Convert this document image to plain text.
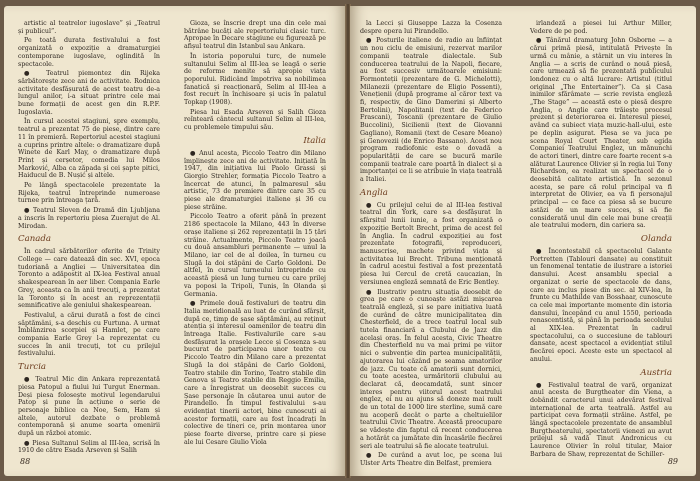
artistic al teatrelor iugoslave” și „Teatrul și publicul”.

Pe toată durata festivalului a fost organizată o expoziție a dramaturgiei contemporane iugoslave, oglindită în spectacole.

● Teatrul piemontez din Rijeka sărbătorește zece ani de activitate. Rodnica activitate desfășurată de acest teatru de-a lungul anilor, i-a situat printre cele mai bune formații de acest gen din R.P.F. Iugoslavia.

În cursul acestei stagiuni, spre exemplu, teatrul a prezentat 75 de piese, dintre care 11 în premieră. Repertoriul acestei stagiuni a cuprins printre altele: o dramatizare după Winete de Karl May, o dramatizare după Prinț și cerșetor, comedia lui Milos Marković, Alba ca zăpada și cei șapte pitici, Haiducul de B. Nușić și altele.

Pe lângă spectacolele prezentate la Rijeka, teatrul întreprinde numeroase turnee prin întreaga țară.

● Teatrul Sloven de Dramă din Ljubljana a inscris în repertoriu piesa Zuerajut de Al. Mirodan.

Canada

În cadrul sărbătorilor oferite de Trinity College — care datează din sec. XVI, epoca tudoriană a Angliei — Universitatea din Toronto a adăpostit al IX-lea Festival anual shakespearean în aer liber. Compania Earle Grey, aceasta ca în anii trecuți, a prezentat la Toronto și în acest an reprezentații semnificative ale geniului shakespearean.

Festivalul, a cărui durată a fost de cinci săptămâni, s-a deschis cu Furtuna. A urmat Îmblânzirea scorpiei și Hamlet, pe care compania Earle Grey l-a reprezentat cu succes în anii trecuți, tot cu prilejul festivalului.

Turcia

● Teatrul Mic din Ankara reprezentată piesa Patopul a fiului lui Turgut Enerman. Deși piesa folosește motivul legendarului Patop și pune în acțiune o serie de personaje biblice ca Noe, Sem, Ham și altele, autorul dezbate o problemă contemporană și anume soarta omenirii după un război atomic.

● Piesa Sultanul Selim al III-lea, scrisă în 1910 de către Esada Arseven și Salih

Gioza, se înscrie drept una din cele mai bătrâne bucăți ale repertoriului clasic turc. Apropae în Decare stagiune eu figurează pe afișul teatrul din Istanbul sau Ankara.

În istoria poporului turc, de numele sultanului Selim al III-lea se leagă o serie de reforme menite să apropie viața poporului. Ridicând împotriva sa nobilimea fanatică și reacționară, Selim al III-lea a fost recurt în închisoare și ucis în palatul Topkap (1908).

Piesa lui Esada Arseven și Salih Gioza reînteară cântecul sultanul Selim al III-lea, cu problemele timpului său.

Italia

● Anul acesta, Piccolo Teatro din Milano împlinește zece ani de activitate. Inițiată în 1947, din inițiativa lui Paolo Grassi și Giorgio Strehler, formația Piccolo Teatro a încercat de atunci, în palmaresul său artistic, 73 de premiere dintre care 35 cu piese ale dramaturgiei italiene și 36 cu piese străine.

Piccolo Teatro a oferit până în prezent 2186 spectacole la Milano, 443 în diverse orașe italiene și 262 reprezentații în 15 țări străine. Actualmente, Piccolo Teatro joacă cu două ansambluri permanente — unul la Milano, iar cel de al doilea, în turneu cu Slugă la doi stăpâni de Carlo Goldoni. De altfel, în cursul turneului întreprinde cu această piesă un lung turneu cu care prilej va poposi la Tripoli, Tunis, în Olanda și Germania.

● Primele două festivaluri de teatru din Italia meridională au luat de curând sfârșit, după ce, timp de șase săptămâni, au reținut atenția și interesul oamenilor de teatru din întreaga Italie. Festivalurile care s-au desfășurat la orașele Lecce și Cosenza s-au bucurat de participarea unor teatre cu Piccolo Teatro din Milano care a prezentat Slugă la doi stăpâni de Carlo Goldoni, Teatro stabile din Torino, Teatro stabile din Genova și Teatro stabile din Reggio Emilia, care a înregistrat un deosebit succes cu Șase personaje în căutarea unui autor de Pirandello. În timpul festivalului s-au evidențiat tinerii actori, bine cunoscuți ai acestor formații, care au fost încadrați în colective de tineri ce, prin montarea unor piese foarte diverse, printre care și piese ale lui Cesare Giulio Viola

88

la Lecci și Giuseppe Lazza la Cosenza despre opera lui Pirandello.

● Posturile italiene de radio au înființat un nou ciclu de emisiuni, rezervat marilor companii teatrale dialectale. Sub conducerea teatrului de la Napoli, fiecare, au fost succesiv următoarele emisiuni: Formonteții (prezentare de G. Michelotti), Milanezii (prezentare de Eligio Possenti), Venețienii (după programe al căror text va fi, respectiv, de Gino Damerini și Alberto Bertolini), Napolitanii (text de Federico Frascani), Toscanii (prezentare de Giulio Buccolini), Sicilienii (text de Giovanni Gagliano), Romanii (text de Cesare Meano) și Genovezii (de Enrico Bassano). Acest nou program radiofonic este o dovadă a popularității de care se bucură marile companii teatrale care poartă în dialect și a importanței ce li se atribuie în viața teatrală a Italiei.

Anglia

● Cu prilejul celui de al III-lea festival teatral din York, care s-a desfășurat în sfârșitul lunii iunie, a fost organizată o expoziție Bertolt Brecht, prima de acest fel în Anglia. În cadrul expoziției au fost prezentate fotografii, reproduceri, manuscrise, machete privind viața și activitatea lui Brecht. Tribuna menționată în cadrul acestui festival a fost prezentată piesa lui Cercul de cretă caucazian, în versiunea engleză semnată de Eric Bentley.

● Ilustrativ pentru situația deosebit de grea pe care o cunoaște astăzi mișcarea teatrală engleză, și se pare inițiativa luată de curând de către municipalitatea din Chesterfield, de a trece teatrul local sub tutela financiară a Clubului de Jazz din același oraș. În felul acesta, Civic Theatre din Chesterfield nu va mai primi pe viitor nici o subvenție din partea municipalității, ajutorarea lui căzând pe seama amatorilor de jazz. Cu toate că amatorii sunt dornici, cu toate acestea, urmăritorii clubului au declarat că, deocamdată, sunt sincer interes pentru viitorul acest teatrului englez, ei nu au ajuns să doneze mai mult de un total de 1000 lire sterline, sumă care nu acoperă decât o parte a cheltuielilor teatrului Civic Theatre. Această preocupare se vădește din faptul că recent conducerea a hotărât ca jumătate din încasările fiecărei seri ale teatrului să fie alocate teatrului.

● De curând a avut loc, pe scena lui Ulster Arts Theatre din Belfast, premiera

irlandeză a piesei lui Arthur Miller, Vedere de pe pod.

● Tânărul dramaturg John Osborne — a cărui primă piesă, intitulată Privește în urmă cu mânie, a stârnit un viu interes în Anglia — a scris de curând o nouă piesă, care urmează să fie prezentată publicului londonez cu o altă lucrare: Artistul (titlul original „The Entertainer”). Ca și Casa inimilor sfărâmate — scrie revista engleză „The Stage” — această este o piesă despre Anglia, o Anglie care trăiește procesul prezent și deteriorarea ei. Interesul piesei, având ca subiect viața muzic-hall-ului, este pe deplin asigurat. Piesa se va juca pe scena Royal Court Theater, sub egida Companiei Teatrului Englez, un mănunchi de actori tineri, dintre care foarte recent s-a alăturat Laurence Olivier și în regia lui Tony Richardson, ea realizat un spectacol de o deosebită calitate artistică. În sezonul acesta, se pare că rolul principal va fi interpretat de Olivier, ea va fi personajul principal — ce face ca piesa să se bucure astăzi de un mare succes, și să fie considerată unul din cele mai bune creații ale teatrului modern, din cariera sa.

Olanda

● Încontestabil că spectacolul Galante Portretten (Tablouri dansate) au constituit un fenomenal tentatie de ilustrare a istoriei dansului. Acest ansamblu special a organizat o serie de spectacole de dans, care au inclus piese din sec. al XIV-lea, în frunte cu Mathilde van Bosshaar, cunoscute ca cele mai importante momente din istoria dansului, începând cu anul 1550, perioada renascentistă, și până în perioada secolului al XIX-lea. Prezentat în cadrul spectacolului, ca o succesiune de tablouri dansate, acest spectacol a evidențiat stilul fiecărei epoci. Aceste este un spectacol al anului.

Austria

● Festivalul teatral de vară, organizat anul acesta de Burgtheater din Viena, a dobândit caracterul unui adevărat festival internațional de arta teatrală. Astfel au participat ceva formații străine. Astfel, pe lângă spectacolele prezentate de ansamblul Burgtheaterului, spectatorii vienezi au avut prilejul să vadă Tinut Andronicus cu Laurence Olivier în rolul titular, Maior Barbara de Shaw, reprezentat de Schiller-

89
